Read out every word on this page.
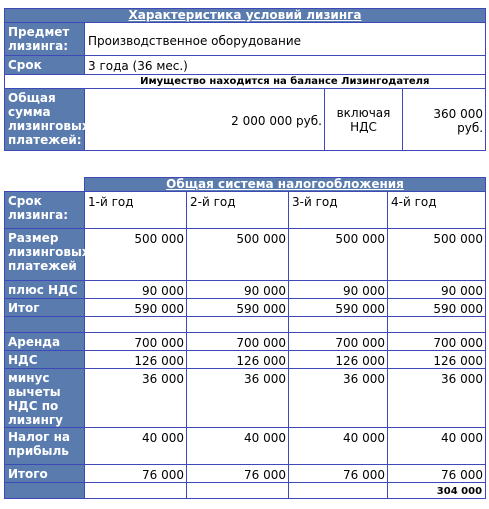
Характеристика условий лизинга			
Предмет лизинга:	Производственное оборудование		
Срок	3 года (36 мес.)		
	Имущество находится на балансе Лизингодателя		
Общая сумма лизинговых платежей:	2 000 000 руб.	включая НДС	360 000 руб.
	Общая система налогообложения			
Срок лизинга:	1-й год	2-й год	3-й год	4-й год
Размер лизинговых платежей	500 000	500 000	500 000	500 000
плюс НДС	90 000	90 000	90 000	90 000
Итог	590 000	590 000	590 000	590 000

Аренда	700 000	700 000	700 000	700 000
НДС	126 000	126 000	126 000	126 000
минус вычеты НДС по лизингу	36 000	36 000	36 000	36 000
Налог на прибыль	40 000	40 000	40 000	40 000
Итого	76 000	76 000	76 000	76 000
				304 000
